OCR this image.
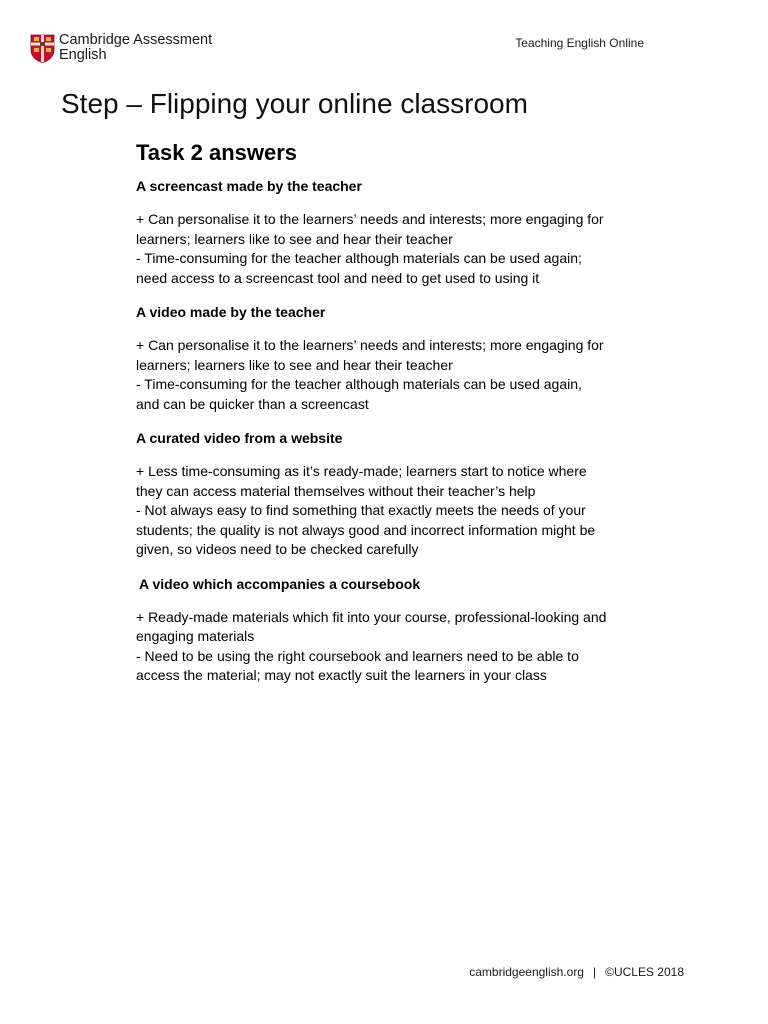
Cambridge Assessment
English
Teaching English Online
Step – Flipping your online classroom
Task 2 answers

A screencast made by the teacher

+ Can personalise it to the learners’ needs and interests; more engaging for

learners; learners like to see and hear their teacher

- Time-consuming for the teacher although materials can be used again;

need access to a screencast tool and need to get used to using it

A video made by the teacher

+ Can personalise it to the learners’ needs and interests; more engaging for

learners; learners like to see and hear their teacher

- Time-consuming for the teacher although materials can be used again,

and can be quicker than a screencast

A curated video from a website

+ Less time-consuming as it’s ready-made; learners start to notice where

they can access material themselves without their teacher’s help

- Not always easy to find something that exactly meets the needs of your

students; the quality is not always good and incorrect information might be

given, so videos need to be checked carefully

A video which accompanies a coursebook

+ Ready-made materials which fit into your course, professional-looking and

engaging materials

- Need to be using the right coursebook and learners need to be able to

access the material; may not exactly suit the learners in your class

cambridgeenglish.org | ©UCLES 2018
